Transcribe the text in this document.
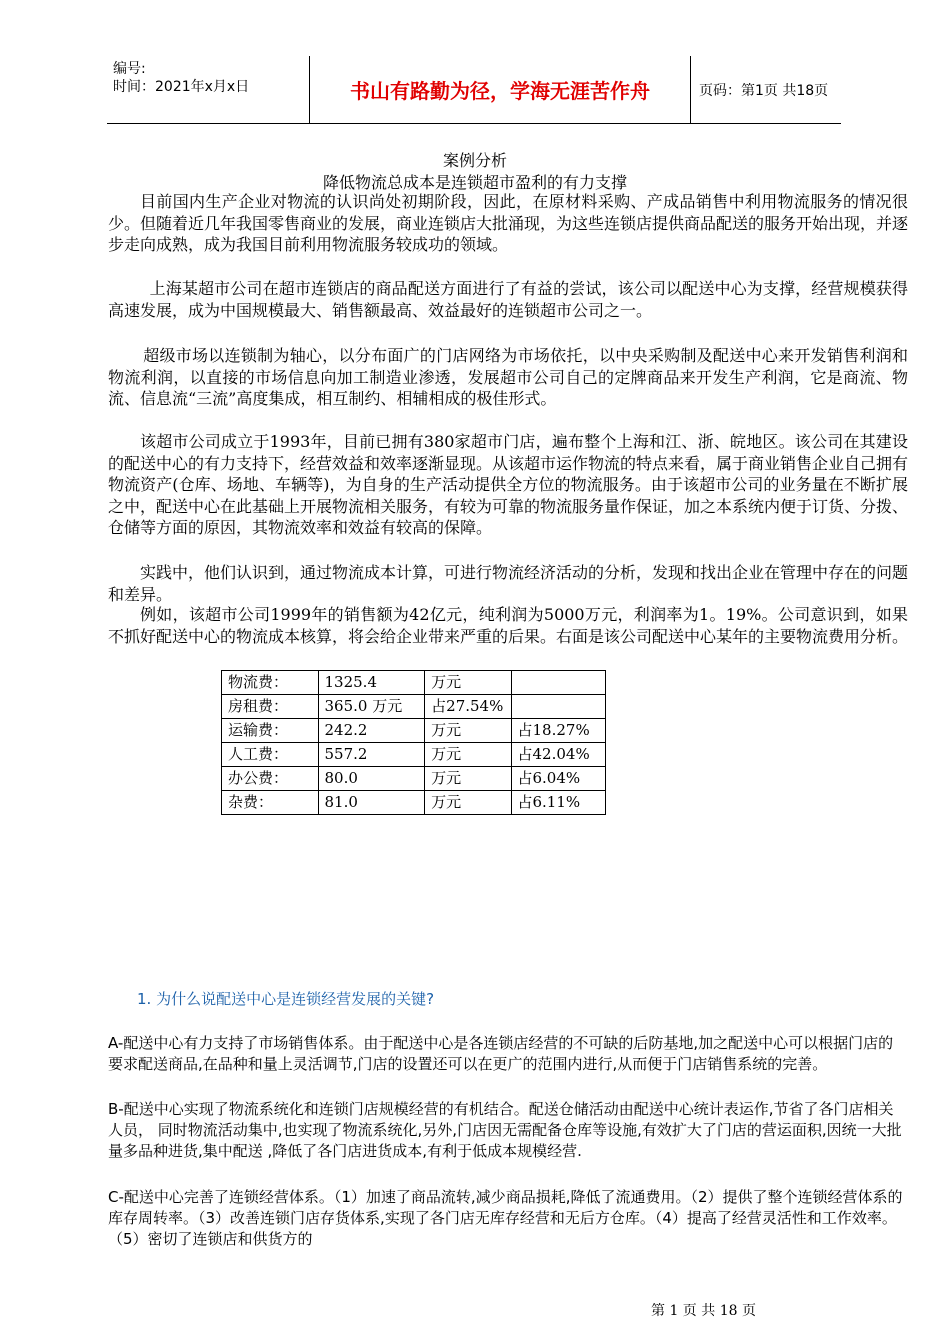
编号:
时间：2021年x月x日	书山有路勤为径，学海无涯苦作舟	页码：第1页 共18页
案例分析
降低物流总成本是连锁超市盈利的有力支撑
目前国内生产企业对物流的认识尚处初期阶段，因此，在原材料采购、产成品销售中利用物流服务的情况很少。但随着近几年我国零售商业的发展，商业连锁店大批涌现，为这些连锁店提供商品配送的服务开始出现，并逐步走向成熟，成为我国目前利用物流服务较成功的领域。
上海某超市公司在超市连锁店的商品配送方面进行了有益的尝试，该公司以配送中心为支撑，经营规模获得高速发展，成为中国规模最大、销售额最高、效益最好的连锁超市公司之一。
超级市场以连锁制为轴心，以分布面广的门店网络为市场依托，以中央采购制及配送中心来开发销售利润和物流利润，以直接的市场信息向加工制造业渗透，发展超市公司自己的定牌商品来开发生产利润，它是商流、物流、信息流“三流”高度集成，相互制约、相辅相成的极佳形式。
该超市公司成立于1993年，目前已拥有380家超市门店，遍布整个上海和江、浙、皖地区。该公司在其建设的配送中心的有力支持下，经营效益和效率逐渐显现。从该超市运作物流的特点来看，属于商业销售企业自己拥有物流资产(仓库、场地、车辆等)，为自身的生产活动提供全方位的物流服务。由于该超市公司的业务量在不断扩展之中，配送中心在此基础上开展物流相关服务，有较为可靠的物流服务量作保证，加之本系统内便于订货、分拨、仓储等方面的原因，其物流效率和效益有较高的保障。
实践中，他们认识到，通过物流成本计算，可进行物流经济活动的分析，发现和找出企业在管理中存在的问题和差异。
例如，该超市公司1999年的销售额为42亿元，纯利润为5000万元，利润率为1。19%。公司意识到，如果不抓好配送中心的物流成本核算，将会给企业带来严重的后果。右面是该公司配送中心某年的主要物流费用分析。
物流费：	1325.4	万元	
房租费：	365.0 万元	占27.54%	
运输费：	242.2	万元	占18.27%
人工费：	557.2	万元	占42.04%
办公费：	80.0	万元	占6.04%
杂费：	81.0	万元	占6.11%
1. 为什么说配送中心是连锁经营发展的关键?
A-配送中心有力支持了市场销售体系。由于配送中心是各连锁店经营的不可缺的后防基地,加之配送中心可以根据门店的要求配送商品,在品种和量上灵活调节,门店的设置还可以在更广的范围内进行,从而便于门店销售系统的完善。
B-配送中心实现了物流系统化和连锁门店规模经营的有机结合。配送仓储活动由配送中心统计表运作,节省了各门店相关人员， 同时物流活动集中,也实现了物流系统化,另外,门店因无需配备仓库等设施,有效扩大了门店的营运面积,因统一大批量多品种进货,集中配送 ,降低了各门店进货成本,有利于低成本规模经营.
C-配送中心完善了连锁经营体系。（1）加速了商品流转,减少商品损耗,降低了流通费用。（2）提供了整个连锁经营体系的库存周转率。（3）改善连锁门店存货体系,实现了各门店无库存经营和无后方仓库。（4）提高了经营灵活性和工作效率。（5）密切了连锁店和供货方的
第 1 页 共 18 页
